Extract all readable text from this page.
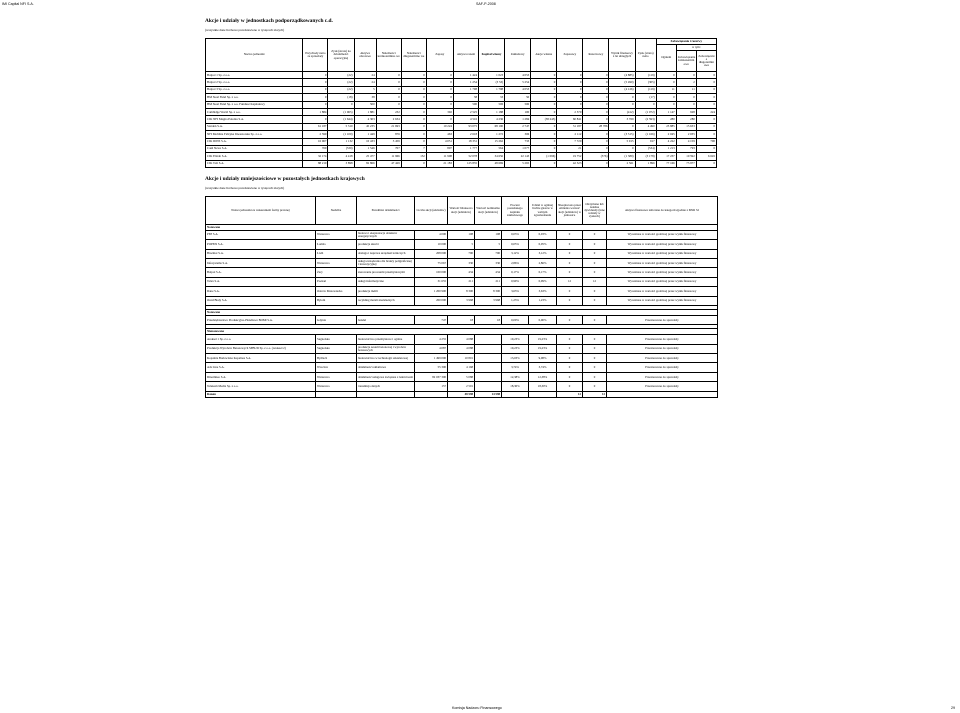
IMI Capital NFI S.A.	SAF-P-2008
Akcje i udziały w jednostkach podporządkowanych c.d.
(wszystkie dane liczbowe przedstawiono w tysiącach złotych)
Nazwa jednostki	Przychody netto ze sprzedaży	Zysk (strata) na działalności operacyjnej	Aktywa obrotowe	Należności krótkotermino we	Należności długotermino we	Zapasy	Aktywa razem	Kapitał własny	Zakładowy	Akcje własne	Zapasowy	Rezerwowy	Wynik finansowy z lat ubiegłych	Zysk (strata) netto	Zobowiązania i rezerwy		
															Ogółem	w tym:	
																Zobowiązania krótkotermin owe	Zobowiązani a długotermin owe
Bolpol 1 Sp. z o.o.	0	(22)	24	0	0	0	1 424	1 023	4 053	0	0	0	(4 885)	(119)	0	0	0
Bolpol 2 Sp. z o.o.	0	(22)	24	0	0	0	1 254	(3 53)	5 254	0	0	0	(5 490)	(305)	0	2	0
Bolpol 3 Sp. z o.o.	0	(22)	5	0	0	0	1 798	1 798	4 053	0	0	0	(4 126)	(119)	11	11	0
HM Steel Fund Sp. z o.o.	0	(18)	38	0	0	0	38	33	50	0	0	0	0	(17)	0	0	0
HM Steel Fund Sp. z o.o. Fundusz Kapitałowy	0	0	500	0	0	0	500	500	500	0	0	0	0	0	0	0	0
Cambidge World Sp. z o.o.	1 884	(1 065)	1 881	232	0	392	2 525	1 188	100	0	2 570	0	(412)	(1 072)	1 147	928	224
CIK NFI Magna Polonia S.A.	0	(1 644)	4 303	2 634	0	0	4 516	4 236	1 284	(58 243)	60 841	0	3 769	(2 593)	280	280	0
Starden S.A.	61 187	5 310	45 235	21 693	0	10 224	93 075	68 190	2 747	0	31 187	28 786	0	4 490	25 885	15 633	0
NFI Mobilna Fabryka Inwestorska Sp. z o.o.	2 599	(1 100)	1 449	876	0	463	2 618	1 272	306	0	2 112	0	(3 515)	(1 166)	2 045	2 035	0
CIK IDNS S.A.	16 067	1 132	10 433	3 459	0	4 051	18 331	15 262	733	0	7 720	0	5 915	917	4 222	4 159	700
Cash News S.A.	769	(539)	1 546	707	7	807	1 777	564	1 077	0	21	0	0	(534)	1 213	793	0
CIK Elztab S.A.	32 174	4 418	25 477	11 966	152	11 908	52 078	34 656	22 143	(1 096)	19 752	(576)	(1 389)	(3 178)	17 237	10 592	6 645
CIK Toli S.A.	88 210	3 898	82 866	47 429	0	21 183	125 835	48 669	5 265	0	42 323	0	2 561	1 896	77 166	75 977	0
Akcje i udziały mniejszościowe w pozostałych jednostkach krajowych
(wszystkie dane liczbowe przedstawiono w tysiącach złotych)
Nazwa jednostki ze wskazaniem formy prawnej	Siedziba	Przedmiot działalności	Liczba akcji (udziałów)	Wartość bilansowa akcji (udziałów)	Wartość nominalna akcji (udziałów)	Procent posiadanego kapitału zakładowego	Udział w ogólnej liczbie głosów w walnym zgromadzeniu	Nieopłacona przez emitenta wartość akcji (udziałów) w jednostce	Otrzymane lub należne dywidendy (inne udziały w zyskach)	Aktywa finansowe zaliczane do kategorii zgodnie z MSR 32
Notowane										
PEP S.A.	Warszawa	budowa i eksploatacja obiektów energetycznych	4 000	108	108	0,03%	0,03%	0	0	Wyceniane w wartości godziwej przez wynik finansowy
POPEIS S.A.	Łomża	produkcja skrobi	10 000	5	5	0,05%	0,05%	0	0	Wyceniane w wartości godziwej przez wynik finansowy
Brazmot S.A.	Łódź	obsługa i naprawa urządzeń lotniczych	208 000	790	790	3,12%	3,12%	0	0	Wyceniane w wartości godziwej przez wynik finansowy
Infosystems S.A.	Warszawa	usługi zarządzania dla branży poligraficznej i inwestycyjnej	75 067	330	330	2,86%	2,86%	0	0	Wyceniane w wartości godziwej przez wynik finansowy
Bolpol S.A.	Żary	sterowanie procesami przemysłowymi	100 000	434	434	0,17%	0,17%	0	0	Wyceniane w wartości godziwej przez wynik finansowy
Talex S.A.	Poznań	usługi informatyczne	31 655	211	211	0,99%	0,99%	12	12	Wyceniane w wartości godziwej przez wynik finansowy
Dane S.A.	Ostrów Mazowiecka	produkcja mebli	1 200 900	8 300	8 300	3,63%	3,63%	0	0	Wyceniane w wartości godziwej przez wynik finansowy
Orzeł Biały S.A.	Bytom	recykling metali nieżelaznych	200 000	3 968	3 968	1,23%	1,23%	0	0	Wyceniane w wartości godziwej przez wynik finansowy

Notowane										
Przedsiębiorstwo Produkcyjno-Handlowe BOMI S.A.	Gdynia	handel	747	18	18	0,00%	0,00%	0	0	Przeznaczone do sprzedaży

Nienotowane										
Aroksel 1 Sp. z o.o.	Sugnolska	budownictwo przemysłowe i ogólne	4 255	4 088		19,23%	19,23%	0	0	Przeznaczone do sprzedaży
Produkcja Wyrobów Betonowych SPBUD Sp. z o.o. (Aroksel 2)	Sugnolska	produkcja zesteli betonowej i wyrobów betonowych	4 087	4 088		19,23%	19,23%	0	0	Przeznaczone do sprzedaży
Kopalnia Budowlana Kopalnas S.A.	Bydlach	budownictwo w technologii szkieletowej	1 499 000	10 801		13,03%	9,08%	0	0	Przeznaczone do sprzedaży
Ads Line S.A.	Wrocław	działalność reklamowa	55 300	4 168		3,74%	3,74%	0	0	Przeznaczone do sprzedaży
Dinomiteo S.A.	Warszawa	działalność usługowa związana z leśnictwem	82 037 300	5 088		12,38%	12,38%	0	0	Przeznaczone do sprzedaży
Telekom Media Sp. z o.o.	Warszawa	transmisja danych	157	2 501		18,30%	18,30%	0	0	Przeznaczone do sprzedaży
Razem				48 598	14 598			12	12	
Komisja Nadzoru Finansowego	29
